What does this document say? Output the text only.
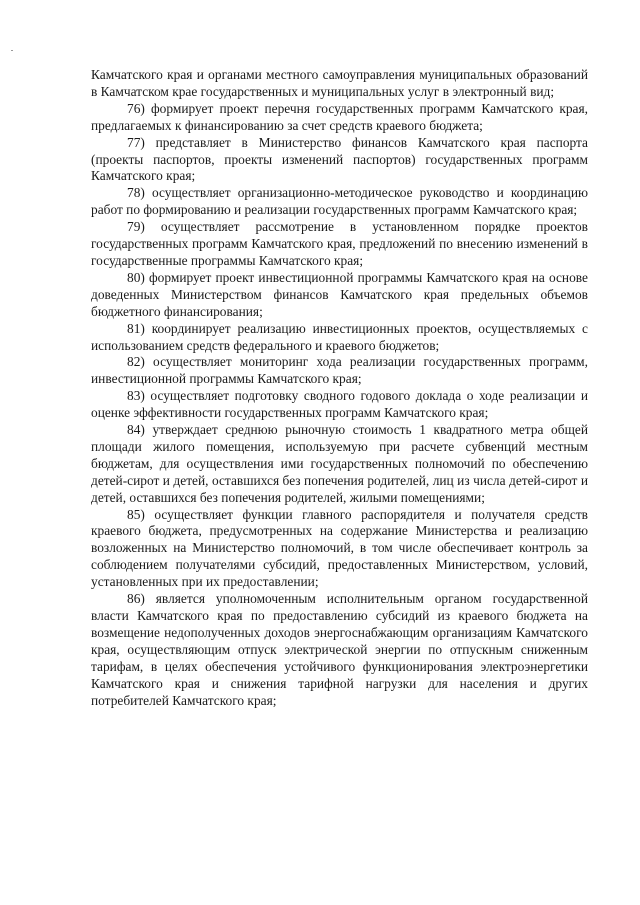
Камчатского края и органами местного самоуправления муниципальных образований в Камчатском крае государственных и муниципальных услуг в электронный вид;

76) формирует проект перечня государственных программ Камчатского края, предлагаемых к финансированию за счет средств краевого бюджета;

77) представляет в Министерство финансов Камчатского края паспорта (проекты паспортов, проекты изменений паспортов) государственных программ Камчатского края;

78) осуществляет организационно-методическое руководство и координацию работ по формированию и реализации государственных программ Камчатского края;

79) осуществляет рассмотрение в установленном порядке проектов государственных программ Камчатского края, предложений по внесению изменений в государственные программы Камчатского края;

80) формирует проект инвестиционной программы Камчатского края на основе доведенных Министерством финансов Камчатского края предельных объемов бюджетного финансирования;

81) координирует реализацию инвестиционных проектов, осуществляемых с использованием средств федерального и краевого бюджетов;

82) осуществляет мониторинг хода реализации государственных программ, инвестиционной программы Камчатского края;

83) осуществляет подготовку сводного годового доклада о ходе реализации и оценке эффективности государственных программ Камчатского края;

84) утверждает среднюю рыночную стоимость 1 квадратного метра общей площади жилого помещения, используемую при расчете субвенций местным бюджетам, для осуществления ими государственных полномочий по обеспечению детей-сирот и детей, оставшихся без попечения родителей, лиц из числа детей-сирот и детей, оставшихся без попечения родителей, жилыми помещениями;

85) осуществляет функции главного распорядителя и получателя средств краевого бюджета, предусмотренных на содержание Министерства и реализацию возложенных на Министерство полномочий, в том числе обеспечивает контроль за соблюдением получателями субсидий, предоставленных Министерством, условий, установленных при их предоставлении;

86) является уполномоченным исполнительным органом государственной власти Камчатского края по предоставлению субсидий из краевого бюджета на возмещение недополученных доходов энергоснабжающим организациям Камчатского края, осуществляющим отпуск электрической энергии по отпускным сниженным тарифам, в целях обеспечения устойчивого функционирования электроэнергетики Камчатского края и снижения тарифной нагрузки для населения и других потребителей Камчатского края;
